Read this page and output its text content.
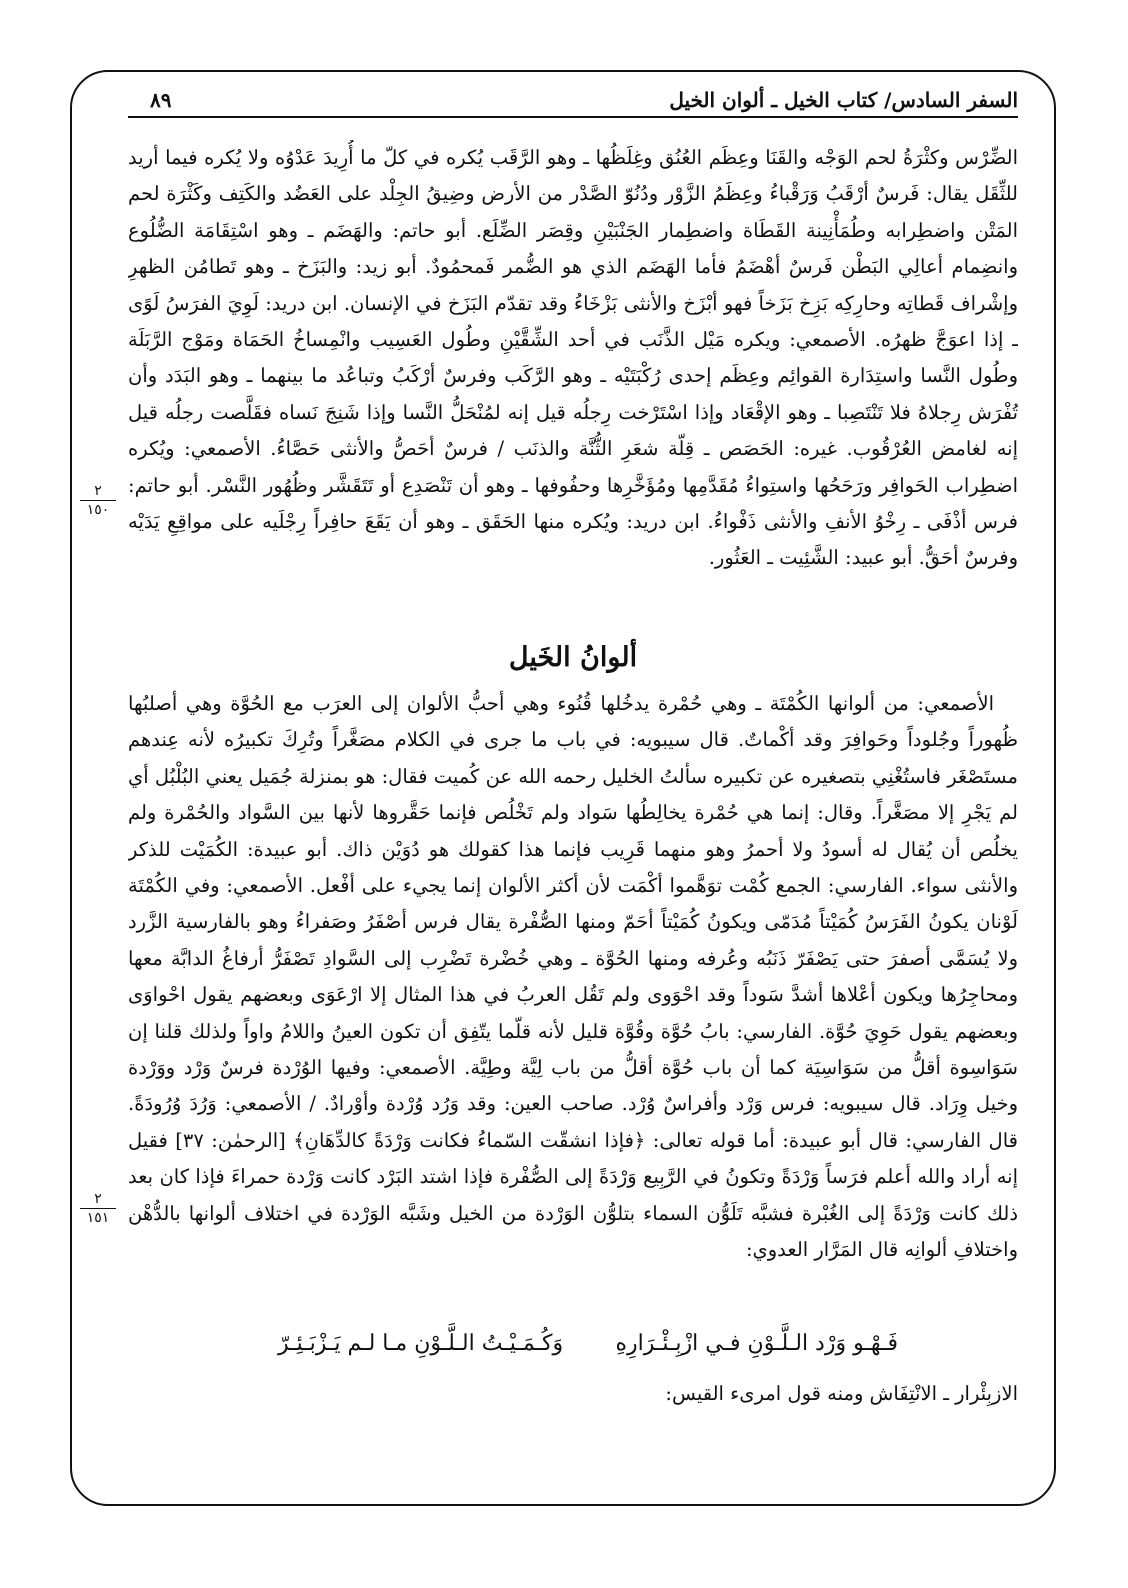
السفر السادس/ كتاب الخيل ـ ألوان الخيل
٨٩
٢
١٥٠
٢
١٥١

الضِّرْس وكثْرَةُ لحم الوَجْه والقَنَا وعِظَم العُنُق وغِلَظُها ـ وهو الرَّقَب يُكره في كلّ ما أُرِيدَ عَدْوُه ولا يُكره فيما أريد للثِّقَل يقال: فَرسٌ أرْقَبُ وَرَقْباءُ وعِظَمُ الزَّوْر ودُنُوّ الصَّدْر من الأرض وضِيقُ الجِلْد على العَضُد والكَتِف وكَثْرَة لحم المَتْن واضطِرابه وطُمَأْنِينة القَطَاة واضطِمار الجَنْبَيْنِ وقِصَر الضِّلَع. أبو حاتم: والهَضَم ـ وهو اسْتِقَامَة الضُّلُوع وانضِمام أعالِي البَطْن فَرسٌ أهْضَمُ فأما الهَضَم الذي هو الضُّمر فَمحمُودٌ. أبو زيد: والبَزَخ ـ وهو تَطامُن الظهرِ وإشْراف قَطاتِه وحارِكِه بَزِخ بَزَخاً فهو أبْزَخ والأنثى بَزْخَاءُ وقد تقدّم البَزَخ في الإنسان. ابن دريد: لَوِيَ الفرَسُ لَوًى ـ إذا اعوَجَّ ظهرُه. الأصمعي: ويكره مَيْل الذَّنَب في أحد الشِّقَّيْنِ وطُول العَسِيب وانْمِساخُ الحَمَاة ومَوْج الرَّبَلَة وطُول النَّسا واستِدَارة القوائِم وعِظَم إحدى رُكْبَتَيْه ـ وهو الرَّكَب وفرسٌ أرْكَبُ وتباعُد ما بينهما ـ وهو البَدَد وأن تُفْرَش رِجلاهُ فلا تَنْتَصِبا ـ وهو الإقْعَاد وإذا اسْتَرْخت رِجلُه قيل إنه لمُنْحَلُّ النَّسا وإذا شَنِجَ نَساه فقَلَّصت رجلُه قيل إنه لغامض العُرْقُوب. غيره: الحَصَص ـ قِلّة شعَرِ الثُّنَّة والذنَب / فرسٌ أحَصُّ والأنثى حَصَّاءُ. الأصمعي: ويُكره اضطِراب الحَوافِر ورَحَحُها واستِواءُ مُقَدَّمِها ومُؤَخَّرِها وحفُوفها ـ وهو أن تَنْصَدِع أو تَتَقَشَّر وظُهُور النَّسْر. أبو حاتم: فرس أذْفَى ـ رِخْوُ الأنفِ والأنثى ذَفْواءُ. ابن دريد: ويُكره منها الحَقَق ـ وهو أن يَقَعَ حافِراً رِجْلَيه على مواقِعِ يَدَيْه وفرسٌ أحَقُّ. أبو عبيد: الشَّئِيت ـ العَثُور.

ألوانُ الخَيل

الأصمعي: من ألوانها الكُمْتَة ـ وهي حُمْرة يدخُلها قُنُوء وهي أحبُّ الألوان إلى العرَب مع الحُوَّة وهي أصلبُها ظُهوراً وجُلوداً وحَوافِرَ وقد أكْماتٌ. قال سيبويه: في باب ما جرى في الكلام مصَغَّراً وتُرِكَ تكبيرُه لأنه عِندهم مستَصْغَر فاستُغْنِي بتصغيره عن تكبيره سألتُ الخليل رحمه الله عن كُميت فقال: هو بمنزلة جُمَيل يعني البُلْبُل أي لم يَجْرِ إلا مصَغَّراً. وقال: إنما هي حُمْرة يخالِطُها سَواد ولم تَخْلُص فإنما حَقَّروها لأنها بين السَّواد والحُمْرة ولم يخلُص أن يُقال له أسودُ ولا أحمرُ وهو منهما قَرِيب فإنما هذا كقولك هو دُوَيْن ذاك. أبو عبيدة: الكُمَيْت للذكر والأنثى سواء. الفارسي: الجمع كُمْت توَهَّموا أكْمَت لأن أكثر الألوان إنما يجيء على أفْعل. الأصمعي: وفي الكُمْتَة لَوْنان يكونُ الفَرَسُ كُمَيْتاً مُدَمّى ويكونُ كُمَيْتاً أحَمّ ومنها الصُّفْرة يقال فرس أصْفَرُ وصَفراءُ وهو بالفارسية الزَّرد ولا يُسَمَّى أصفرَ حتى يَصْفَرّ ذَنَبُه وعُرفه ومنها الحُوَّة ـ وهي خُضْرة تَضْرِب إلى السَّوادِ تَصْفَرُّ أرفاغُ الدابَّة معها ومحاجِرُها ويكون أعْلاها أشدَّ سَوداً وقد احْوَوى ولم تَقُل العربُ في هذا المثال إلا ارْعَوَى وبعضهم يقول احْواوَى وبعضهم يقول حَوِيَ حُوَّة. الفارسي: بابُ حُوَّة وقُوَّة قليل لأنه قلّما يتّفِق أن تكون العينُ واللامُ واواً ولذلك قلنا إن سَوَاسِوة أقلُّ من سَوَاسِيَة كما أن باب حُوَّة أقلُّ من باب لِيَّة وطِيَّة. الأصمعي: وفيها الوُرْدة فرسٌ وَرْد ووَرْدة وخيل وِرَاد. قال سيبويه: فرس وَرْد وأفراسٌ وُرْد. صاحب العين: وقد وَرُد وُرْدة وأوْرادٌ. / الأصمعي: وَرُدَ وُرُودَةً. قال الفارسي: قال أبو عبيدة: أما قوله تعالى: ﴿فإذا انشقّت السّماءُ فكانت وَرْدَةً كالدِّهَانِ﴾ [الرحمٰن: ٣٧] فقيل إنه أراد والله أعلم فرَساً وَرْدَةً وتكونُ في الرَّبِيع وَرْدَةً إلى الصُّفْرة فإذا اشتد البَرْد كانت وَرْدة حمراءَ فإذا كان بعد ذلك كانت وَرْدَةً إلى الغُبْرة فشبَّه تَلَوُّن السماء بتلوُّن الوَرْدة من الخيل وشَبَّه الوَرْدة في اختلاف ألوانها بالدُّهْن واختلافِ ألوانِه قال المَرَّار العدوي:

فَـهْـو وَرْد الـلَّـوْنِ فـي ازْبِـئْـرَارِهِ
وَكُـمَـيْـتُ الـلَّـوْنِ مـا لـم يَـزْبَـئِـرّ

الازبِئْرار ـ الانْتِفَاش ومنه قول امرىء القيس:
